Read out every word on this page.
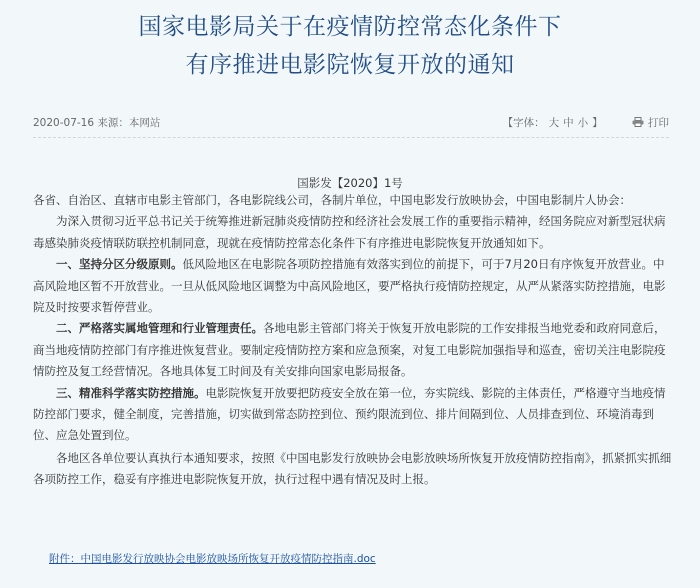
国家电影局关于在疫情防控常态化条件下
有序推进电影院恢复开放的通知
2020-07-16 来源：本网站	【字体： 大 中 小 】	打印
国影发【2020】1号

各省、自治区、直辖市电影主管部门，各电影院线公司，各制片单位，中国电影发行放映协会，中国电影制片人协会：

为深入贯彻习近平总书记关于统筹推进新冠肺炎疫情防控和经济社会发展工作的重要指示精神，经国务院应对新型冠状病毒感染肺炎疫情联防联控机制同意，现就在疫情防控常态化条件下有序推进电影院恢复开放通知如下。

一、坚持分区分级原则。低风险地区在电影院各项防控措施有效落实到位的前提下，可于7月20日有序恢复开放营业。中高风险地区暂不开放营业。一旦从低风险地区调整为中高风险地区，要严格执行疫情防控规定，从严从紧落实防控措施，电影院及时按要求暂停营业。

二、严格落实属地管理和行业管理责任。各地电影主管部门将关于恢复开放电影院的工作安排报当地党委和政府同意后，商当地疫情防控部门有序推进恢复营业。要制定疫情防控方案和应急预案，对复工电影院加强指导和巡查，密切关注电影院疫情防控及复工经营情况。各地具体复工时间及有关安排向国家电影局报备。

三、精准科学落实防控措施。电影院恢复开放要把防疫安全放在第一位，夯实院线、影院的主体责任，严格遵守当地疫情防控部门要求，健全制度，完善措施，切实做到常态防控到位、预约限流到位、排片间隔到位、人员排查到位、环境消毒到位、应急处置到位。

各地区各单位要认真执行本通知要求，按照《中国电影发行放映协会电影放映场所恢复开放疫情防控指南》，抓紧抓实抓细各项防控工作，稳妥有序推进电影院恢复开放，执行过程中遇有情况及时上报。

附件：中国电影发行放映协会电影放映场所恢复开放疫情防控指南.doc
